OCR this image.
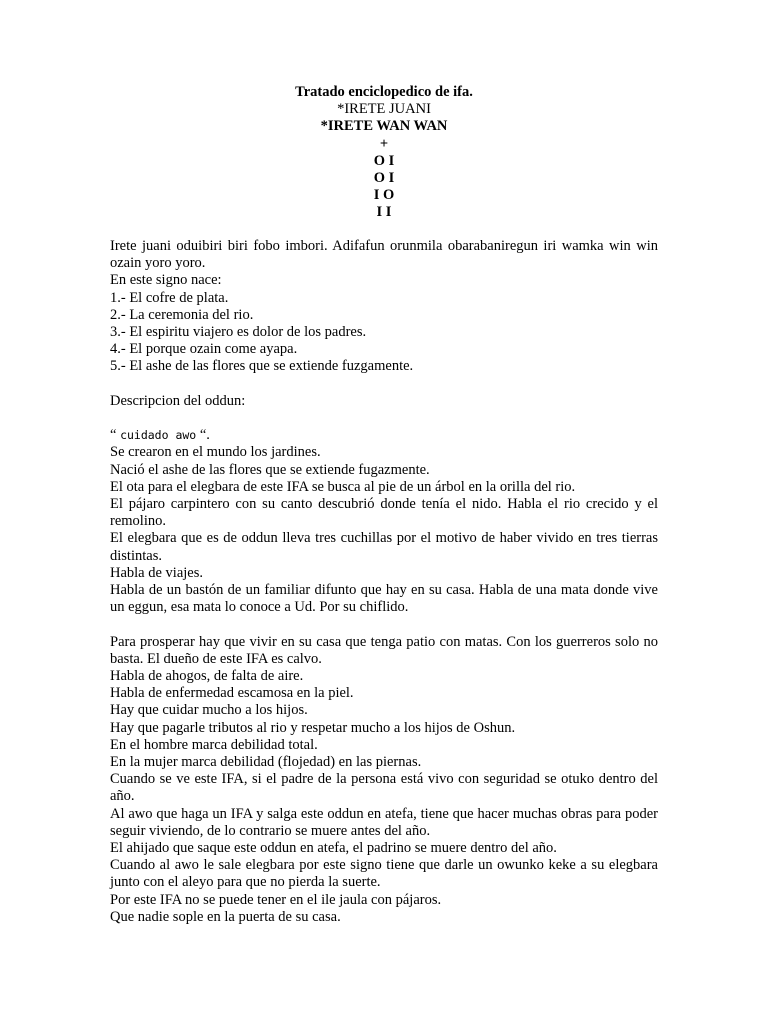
Tratado enciclopedico de ifa.
*IRETE JUANI
*IRETE WAN WAN
+
O I
O I
I O
I I

Irete juani oduibiri biri fobo imbori. Adifafun orunmila obarabaniregun iri wamka win win ozain yoro yoro.

En este signo nace:

1.- El cofre de plata.

2.- La ceremonia del rio.

3.- El espiritu viajero es dolor de los padres.

4.- El porque ozain come ayapa.

5.- El ashe de las flores que se extiende fuzgamente.

Descripcion del oddun:

“ cuidado awo “.

Se crearon en el mundo los jardines.

Nació el ashe de las flores que se extiende fugazmente.

El ota para el elegbara de este IFA se busca al pie de un árbol en la orilla del rio.

El pájaro carpintero con su canto descubrió donde tenía el nido. Habla el rio crecido y el remolino.

El elegbara que es de oddun lleva tres cuchillas por el motivo de haber vivido en tres tierras distintas.

Habla de viajes.

Habla de un bastón de un familiar difunto que hay en su casa. Habla de una mata donde vive un eggun, esa mata lo conoce a Ud. Por su chiflido.

Para prosperar hay que vivir en su casa que tenga patio con matas. Con los guerreros solo no basta. El dueño de este IFA es calvo.

Habla de ahogos, de falta de aire.

Habla de enfermedad escamosa en la piel.

Hay que cuidar mucho a los hijos.

Hay que pagarle tributos al rio y respetar mucho a los hijos de Oshun.

En el hombre marca debilidad total.

En la mujer marca debilidad (flojedad) en las piernas.

Cuando se ve este IFA, si el padre de la persona está vivo con seguridad se otuko dentro del año.

Al awo que haga un IFA y salga este oddun en atefa, tiene que hacer muchas obras para poder seguir viviendo, de lo contrario se muere antes del año.

El ahijado que saque este oddun en atefa, el padrino se muere dentro del año.

Cuando al awo le sale elegbara por este signo tiene que darle un owunko keke a su elegbara junto con el aleyo para que no pierda la suerte.

Por este IFA no se puede tener en el ile jaula con pájaros.

Que nadie sople en la puerta de su casa.
